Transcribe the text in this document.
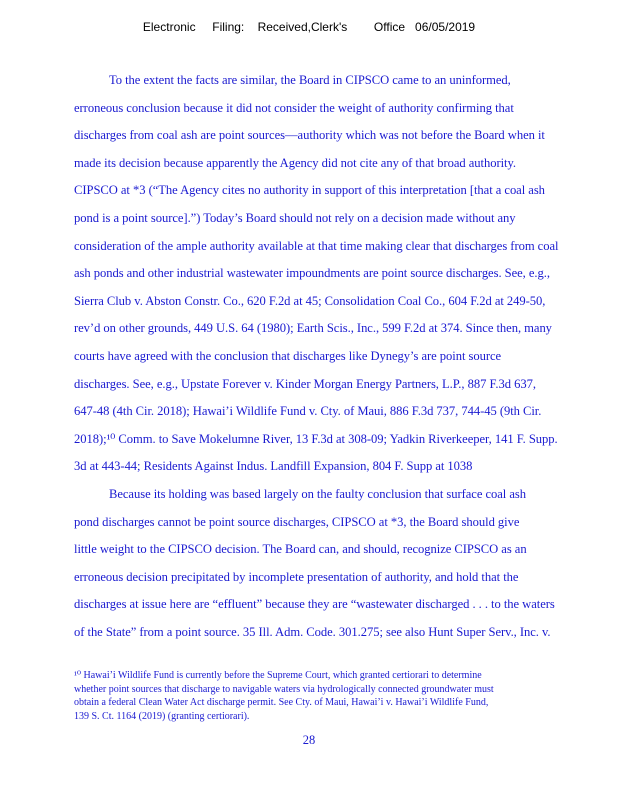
Electronic     Filing:    Received,Clerk's        Office   06/05/2019
To the extent the facts are similar, the Board in CIPSCO came to an uninformed,
erroneous conclusion because it did not consider the weight of authority confirming that
discharges from coal ash are point sources—authority which was not before the Board when it
made its decision because apparently the Agency did not cite any of that broad authority.
CIPSCO at *3 (“The Agency cites no authority in support of this interpretation [that a coal ash
pond is a point source].”) Today’s Board should not rely on a decision made without any
consideration of the ample authority available at that time making clear that discharges from coal
ash ponds and other industrial wastewater impoundments are point source discharges. See, e.g.,
Sierra Club v. Abston Constr. Co., 620 F.2d at 45; Consolidation Coal Co., 604 F.2d at 249-50,
rev’d on other grounds, 449 U.S. 64 (1980); Earth Scis., Inc., 599 F.2d at 374. Since then, many
courts have agreed with the conclusion that discharges like Dynegy’s are point source
discharges. See, e.g., Upstate Forever v. Kinder Morgan Energy Partners, L.P., 887 F.3d 637,
647-48 (4th Cir. 2018); Hawai’i Wildlife Fund v. Cty. of Maui, 886 F.3d 737, 744-45 (9th Cir.
2018);¹⁰ Comm. to Save Mokelumne River, 13 F.3d at 308-09; Yadkin Riverkeeper, 141 F. Supp.
3d at 443-44; Residents Against Indus. Landfill Expansion, 804 F. Supp at 1038
Because its holding was based largely on the faulty conclusion that surface coal ash
pond discharges cannot be point source discharges, CIPSCO at *3, the Board should give
little weight to the CIPSCO decision. The Board can, and should, recognize CIPSCO as an
erroneous decision precipitated by incomplete presentation of authority, and hold that the
discharges at issue here are “effluent” because they are “wastewater discharged . . . to the waters
of the State” from a point source. 35 Ill. Adm. Code. 301.275; see also Hunt Super Serv., Inc. v.
¹⁰ Hawai’i Wildlife Fund is currently before the Supreme Court, which granted certiorari to determine
whether point sources that discharge to navigable waters via hydrologically connected groundwater must
obtain a federal Clean Water Act discharge permit. See Cty. of Maui, Hawai’i v. Hawai’i Wildlife Fund,
139 S. Ct. 1164 (2019) (granting certiorari).
28
